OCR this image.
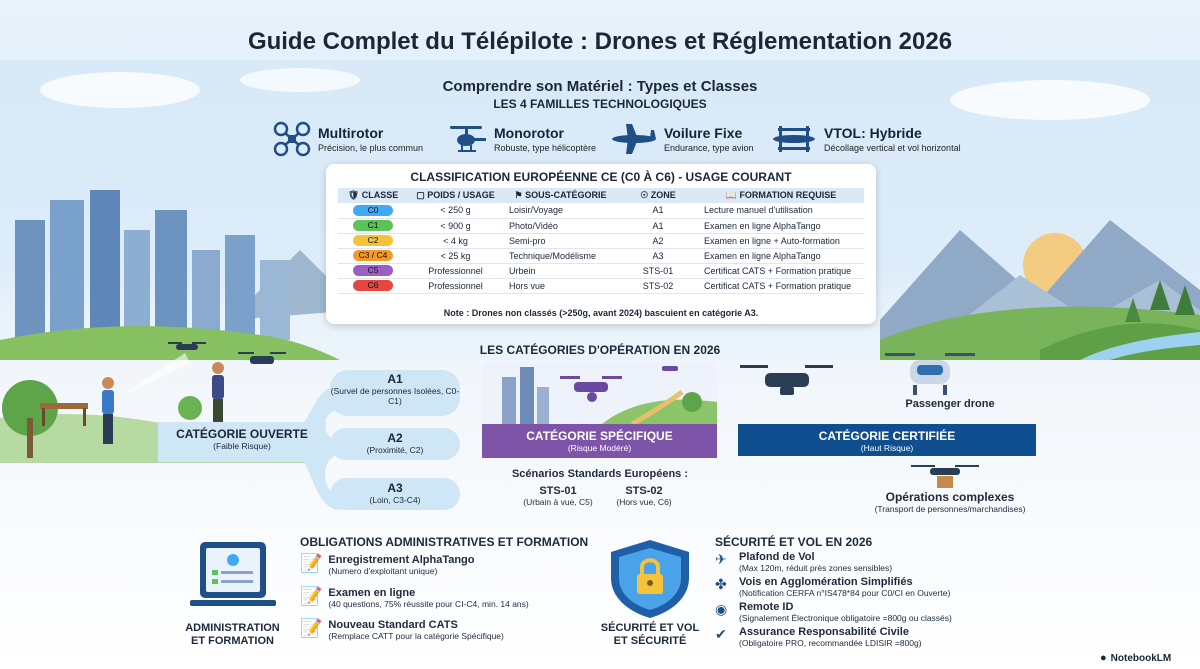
Guide Complet du Télépilote : Drones et Réglementation 2026
Comprendre son Matériel : Types et Classes
LES 4 FAMILLES TECHNOLOGIQUES
Multirotor
Précision, le plus commun
Monorotor
Robuste, type hélicoptère
Voilure Fixe
Endurance, type avion
VTOL: Hybride
Décollage vertical et vol horizontal
CLASSIFICATION EUROPÉENNE CE (C0 À C6) - USAGE COURANT
🛡 CLASSE	▢ POIDS / USAGE	⚑ SOUS-CATÉGORIE	☉ ZONE	📖 FORMATION REQUISE
C0	< 250 g	Loisir/Voyage	A1	Lecture manuel d'utilisation
C1	< 900 g	Photo/Vidéo	A1	Examen en ligne AlphaTango
C2	< 4 kg	Semi-pro	A2	Examen en ligne + Auto-formation
C3 / C4	< 25 kg	Technique/Modélisme	A3	Examen en ligne AlphaTango
C5	Professionnel	Urbein	STS-01	Certificat CATS + Formation pratique
C6	Professionnel	Hors vue	STS-02	Certificat CATS + Formation pratique
Note : Drones non classés (>250g, avant 2024) bascuient en catégorie A3.
LES CATÉGORIES D'OPÉRATION EN 2026
CATÉGORIE OUVERTE
(Faible Risque)
A1
(Survel de personnes Isolées, C0-C1)
A2
(Proximité, C2)
A3
(Loin, C3-C4)
CATÉGORIE SPÉCIFIQUE
(Risque Modéré)
Scénarios Standards Européens :
STS-01
(Urbain à vue, C5)
STS-02
(Hors vue, C6)
Passenger drone
CATÉGORIE CERTIFIÉE
(Haut Risque)
Opérations complexes
(Transport de personnes/marchandises)
ADMINISTRATION
ET FORMATION
OBLIGATIONS ADMINISTRATIVES ET FORMATION
📝 Enregistrement AlphaTango
(Numero d'exploitant unique)
📝 Examen en ligne
(40 questions, 75% réussite pour CI-C4, min. 14 ans)
📝 Nouveau Standard CATS
(Remplace CATT pour la catégorie Spécifique)
SÉCURITÉ ET VOL
ET SÉCURITÉ
SÉCURITÉ ET VOL EN 2026
✈	Plafond de Vol
(Max 120m, réduit près zones sensibles)
✤	Vois en Agglomération Simplifiés
(Notification CERFA n°IS478*84 pour C0/CI en Ouverte)
◉	Remote ID
(Signalement Électronique obligatoire =800g ou classés)
✔	Assurance Responsabilité Civile
(Obligatoire PRO, recommandée LDISIR =800g)
● NotebookLM
